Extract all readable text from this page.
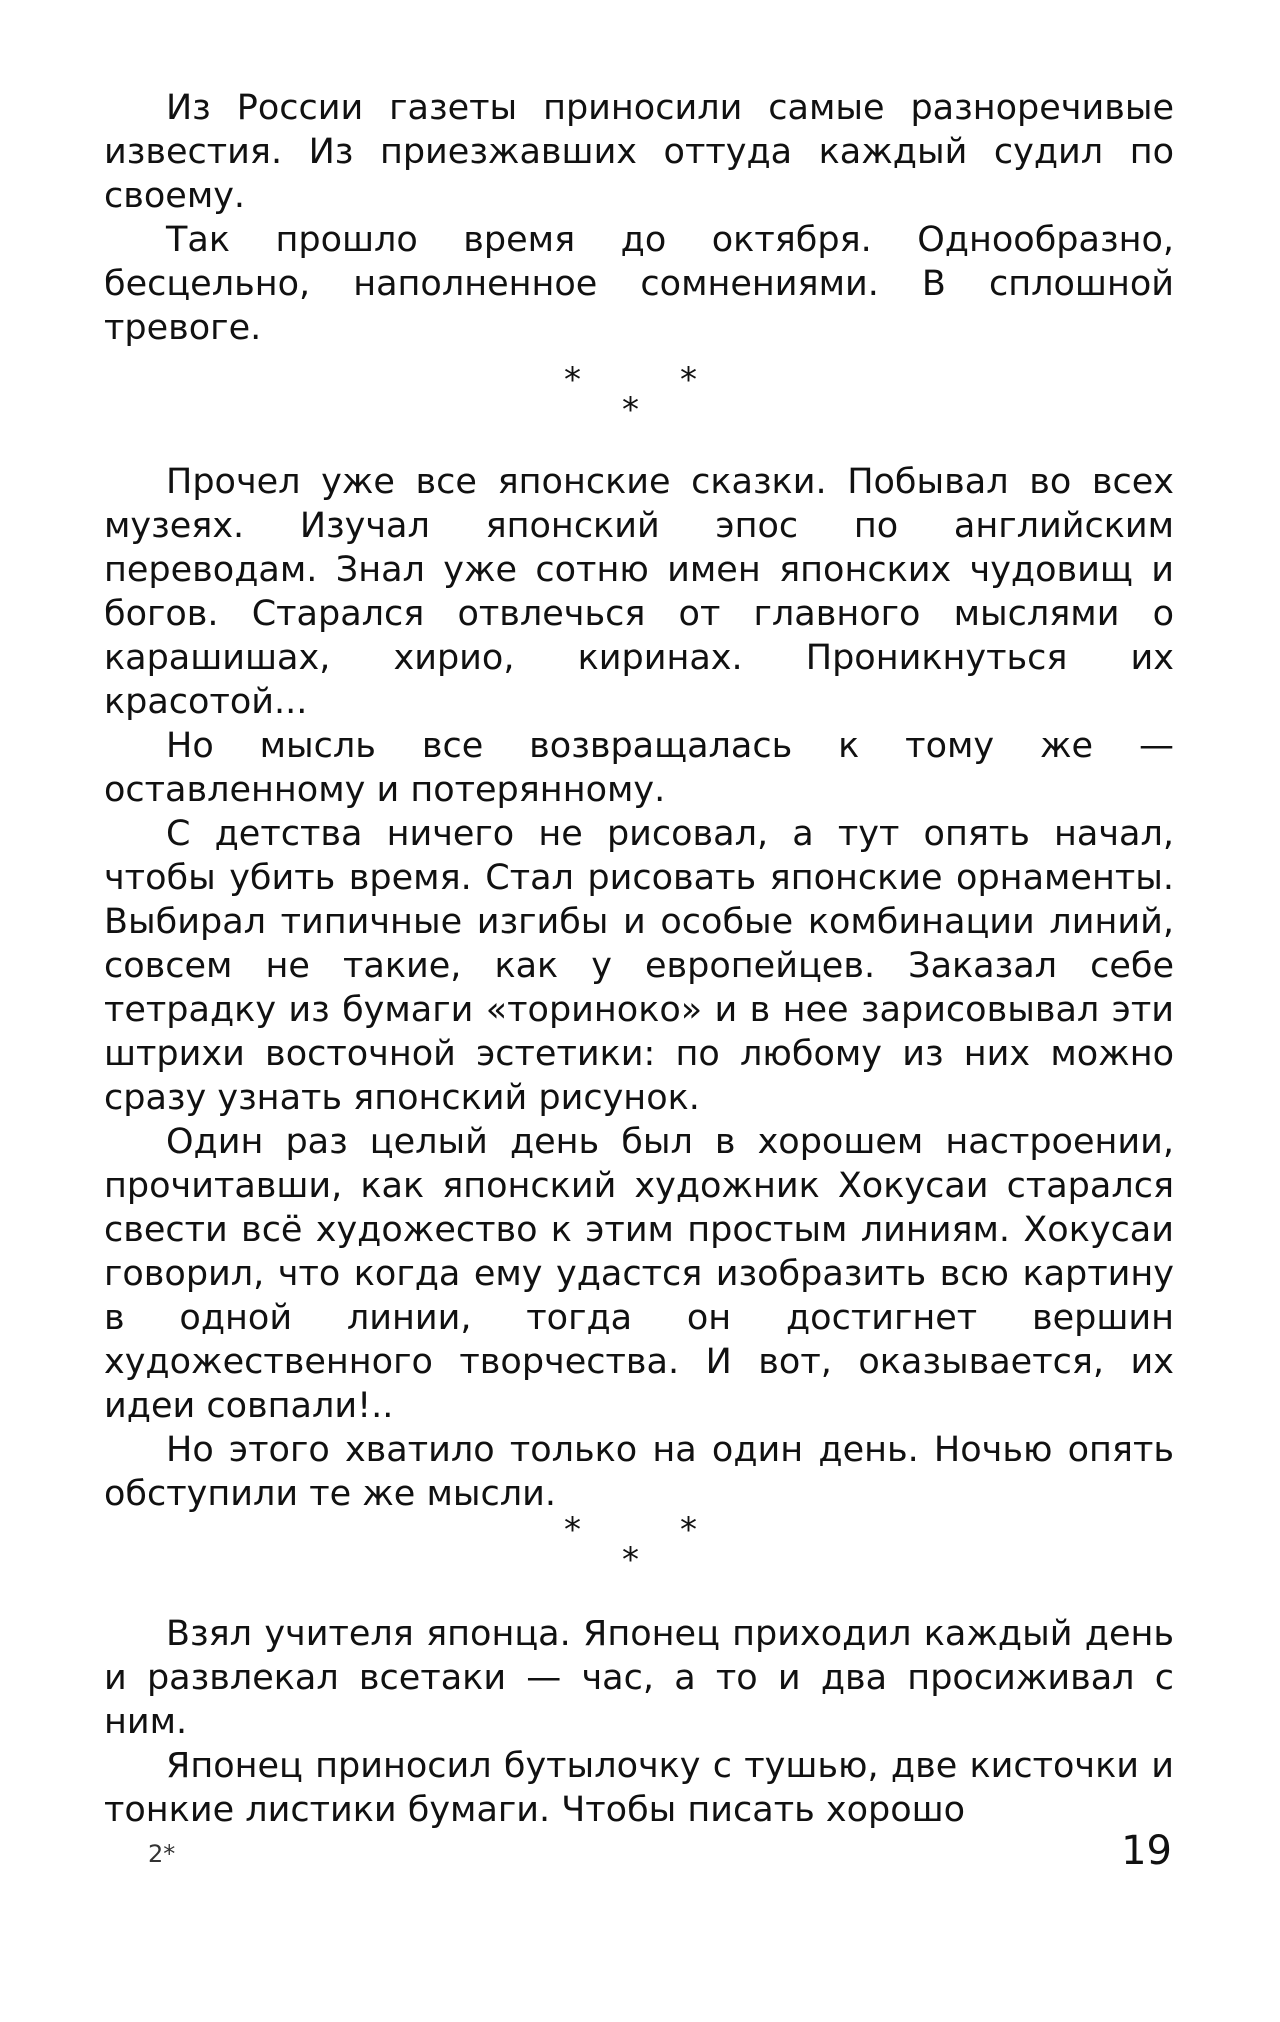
Из России газеты приносили самые разноречивые известия. Из приезжавших оттуда каждый судил по своему.

Так прошло время до октября. Однообразно, бесцельно, наполненное сомнениями. В сплошной тревоге.

*	*
*

Прочел уже все японские сказки. Побывал во всех музеях. Изучал японский эпос по английским переводам. Знал уже сотню имен японских чудовищ и богов. Старался отвлечься от главного мыслями о карашишах, хирио, киринах. Проникнуться их красотой...

Но мысль все возвращалась к тому же — оставленному и потерянному.

С детства ничего не рисовал, а тут опять начал, чтобы убить время. Стал рисовать японские орнаменты. Выбирал типичные изгибы и особые комбинации линий, совсем не такие, как у европейцев. Заказал себе тетрадку из бумаги «ториноко» и в нее зарисовывал эти штрихи восточной эстетики: по любому из них можно сразу узнать японский рисунок.

Один раз целый день был в хорошем настроении, прочитавши, как японский художник Хокусаи старался свести всё художество к этим простым линиям. Хокусаи говорил, что когда ему удастся изобразить всю картину в одной линии, тогда он достигнет вершин художественного творчества. И вот, оказывается, их идеи совпали!..

Но этого хватило только на один день. Ночью опять обступили те же мысли.

*	*
*

Взял учителя японца. Японец приходил каждый день и развлекал всетаки — час, а то и два просиживал с ним.

Японец приносил бутылочку с тушью, две кисточки и тонкие листики бумаги. Чтобы писать хорошо

2*	19
